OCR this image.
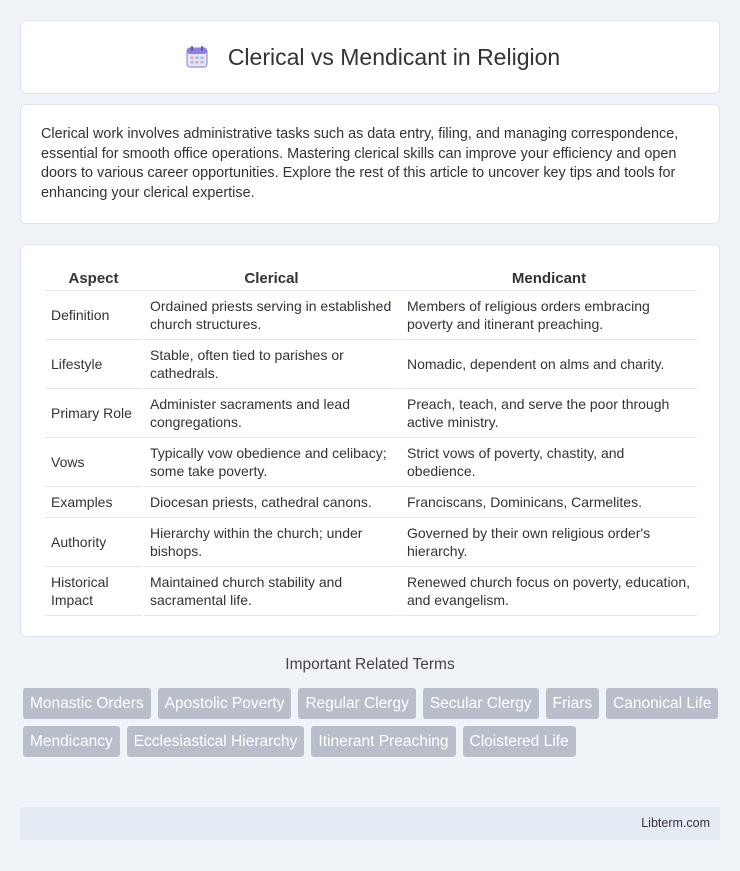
Clerical vs Mendicant in Religion

Clerical work involves administrative tasks such as data entry, filing, and managing correspondence, essential for smooth office operations. Mastering clerical skills can improve your efficiency and open doors to various career opportunities. Explore the rest of this article to uncover key tips and tools for enhancing your clerical expertise.

Aspect	Clerical	Mendicant
Definition	Ordained priests serving in established church structures.	Members of religious orders embracing poverty and itinerant preaching.
Lifestyle	Stable, often tied to parishes or cathedrals.	Nomadic, dependent on alms and charity.
Primary Role	Administer sacraments and lead congregations.	Preach, teach, and serve the poor through active ministry.
Vows	Typically vow obedience and celibacy; some take poverty.	Strict vows of poverty, chastity, and obedience.
Examples	Diocesan priests, cathedral canons.	Franciscans, Dominicans, Carmelites.
Authority	Hierarchy within the church; under bishops.	Governed by their own religious order's hierarchy.
Historical Impact	Maintained church stability and sacramental life.	Renewed church focus on poverty, education, and evangelism.
Important Related Terms
Monastic Orders	Apostolic Poverty	Regular Clergy	Secular Clergy	Friars	Canonical Life
Mendicancy	Ecclesiastical Hierarchy	Itinerant Preaching	Cloistered Life
Libterm.com
